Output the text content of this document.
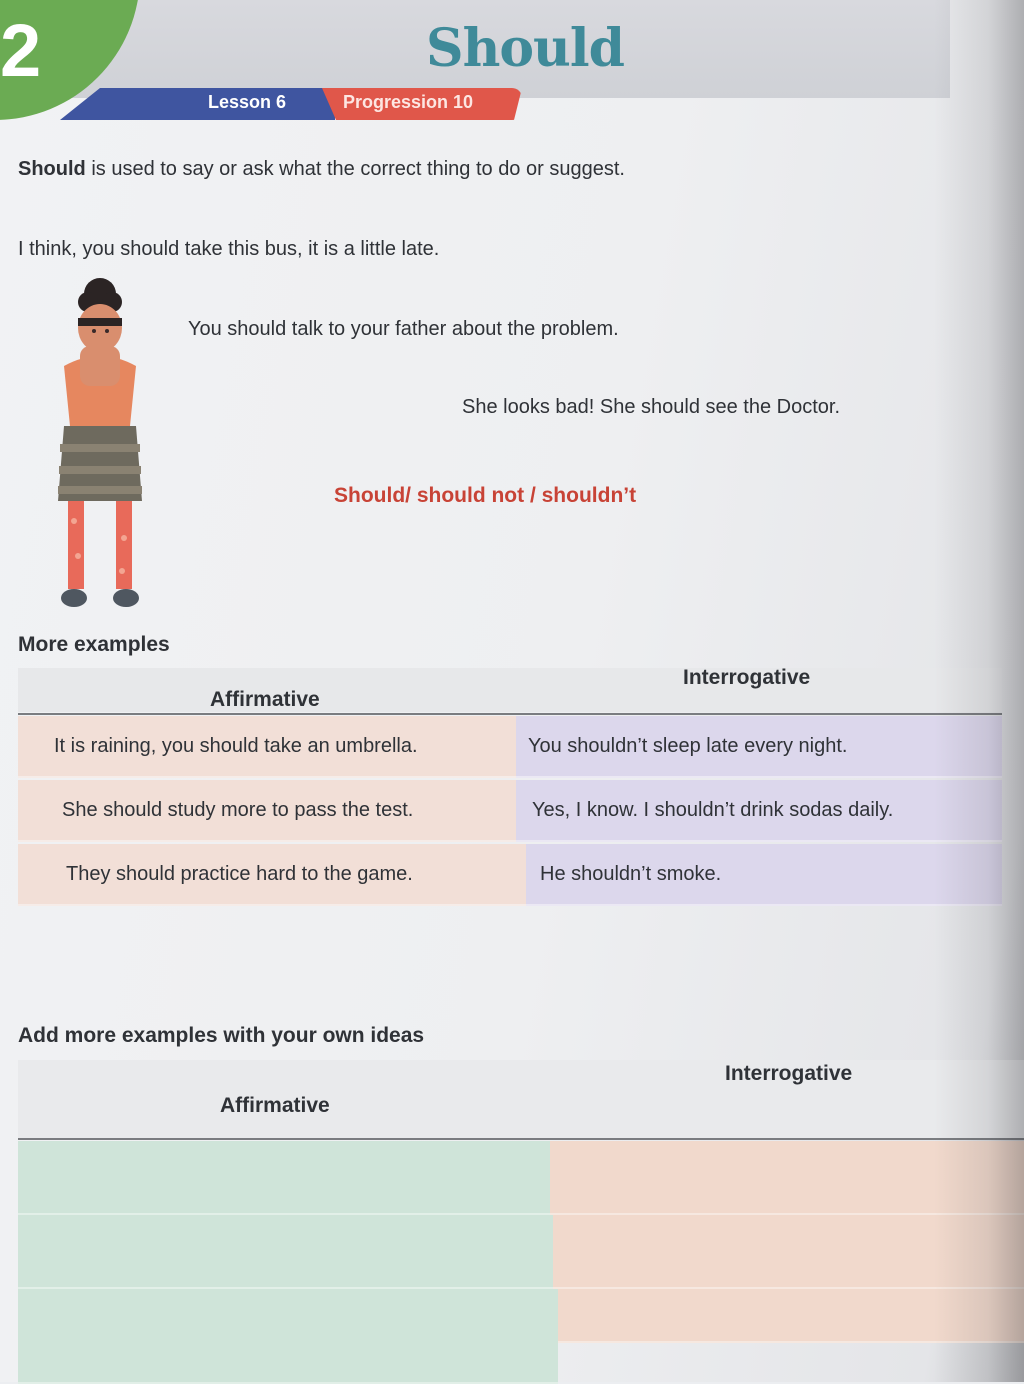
2	Should
Lesson 6	Progression 10
Should is used to say or ask what the correct thing to do or suggest.
I think, you should take this bus, it is a little late.
You should talk to your father about the problem.
She looks bad! She should see the Doctor.
Should/ should not / shouldn’t
More examples
Affirmative
Interrogative
It is raining, you should take an umbrella.	You shouldn’t sleep late every night.
She should study more to pass the test.	Yes, I know. I shouldn’t drink sodas daily.
They should practice hard to the game.	He shouldn’t smoke.
Add more examples with your own ideas
Affirmative
Interrogative
